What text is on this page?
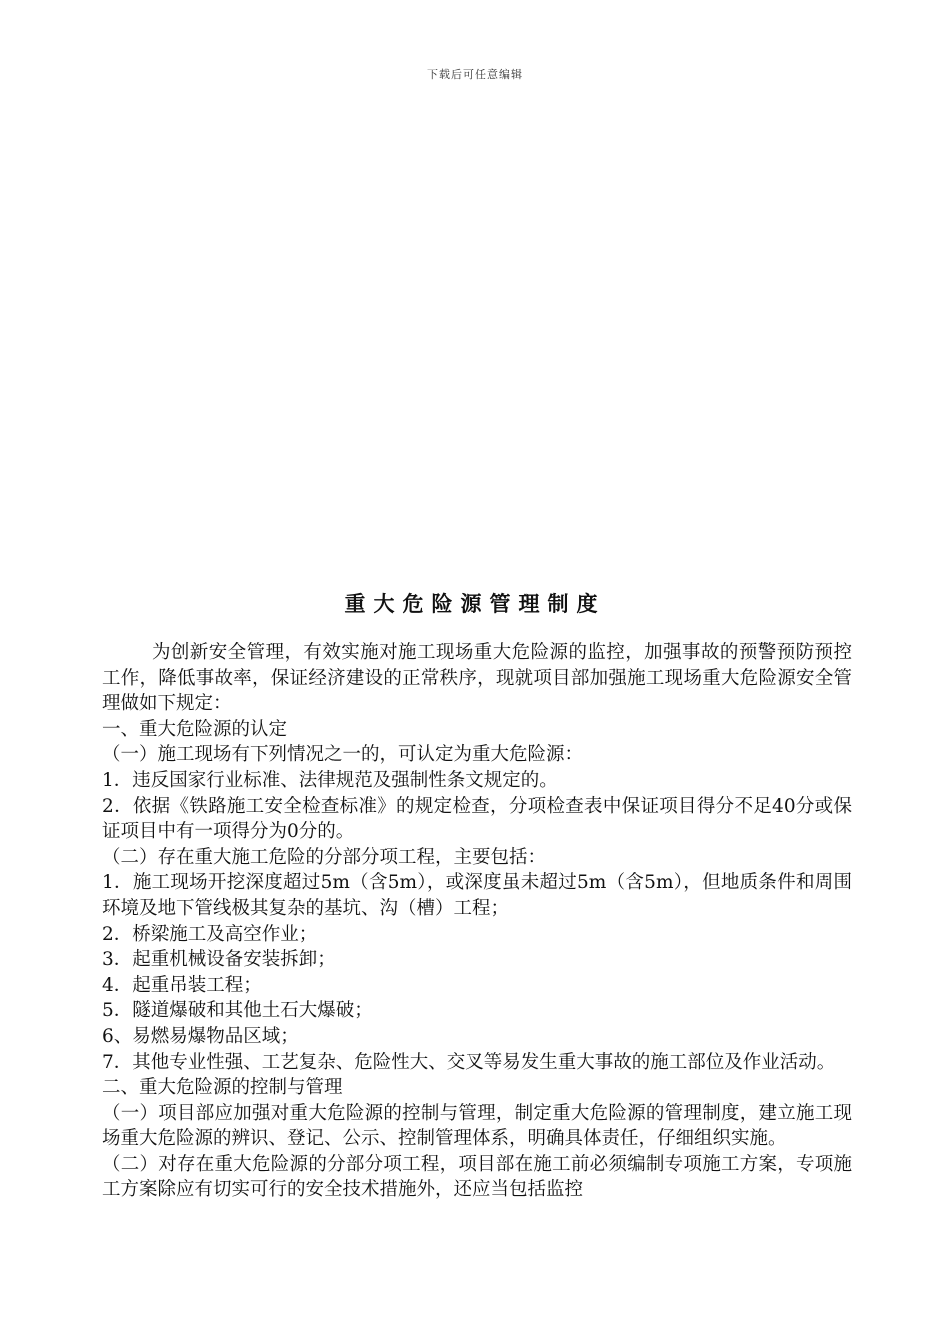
下载后可任意编辑
重大危险源管理制度

为创新安全管理，有效实施对施工现场重大危险源的监控，加强事故的预警预防预控工作，降低事故率，保证经济建设的正常秩序，现就项目部加强施工现场重大危险源安全管理做如下规定：

一、重大危险源的认定

（一）施工现场有下列情况之一的，可认定为重大危险源：

1．违反国家行业标准、法律规范及强制性条文规定的。

2．依据《铁路施工安全检查标准》的规定检查，分项检查表中保证项目得分不足40分或保证项目中有一项得分为0分的。

（二）存在重大施工危险的分部分项工程，主要包括：

1．施工现场开挖深度超过5m（含5m），或深度虽未超过5m（含5m），但地质条件和周围环境及地下管线极其复杂的基坑、沟（槽）工程；

2．桥梁施工及高空作业；

3．起重机械设备安装拆卸；

4．起重吊装工程；

5．隧道爆破和其他土石大爆破；

6、易燃易爆物品区域；

7．其他专业性强、工艺复杂、危险性大、交叉等易发生重大事故的施工部位及作业活动。

二、重大危险源的控制与管理

（一）项目部应加强对重大危险源的控制与管理，制定重大危险源的管理制度，建立施工现场重大危险源的辨识、登记、公示、控制管理体系，明确具体责任，仔细组织实施。

（二）对存在重大危险源的分部分项工程，项目部在施工前必须编制专项施工方案，专项施工方案除应有切实可行的安全技术措施外，还应当包括监控
